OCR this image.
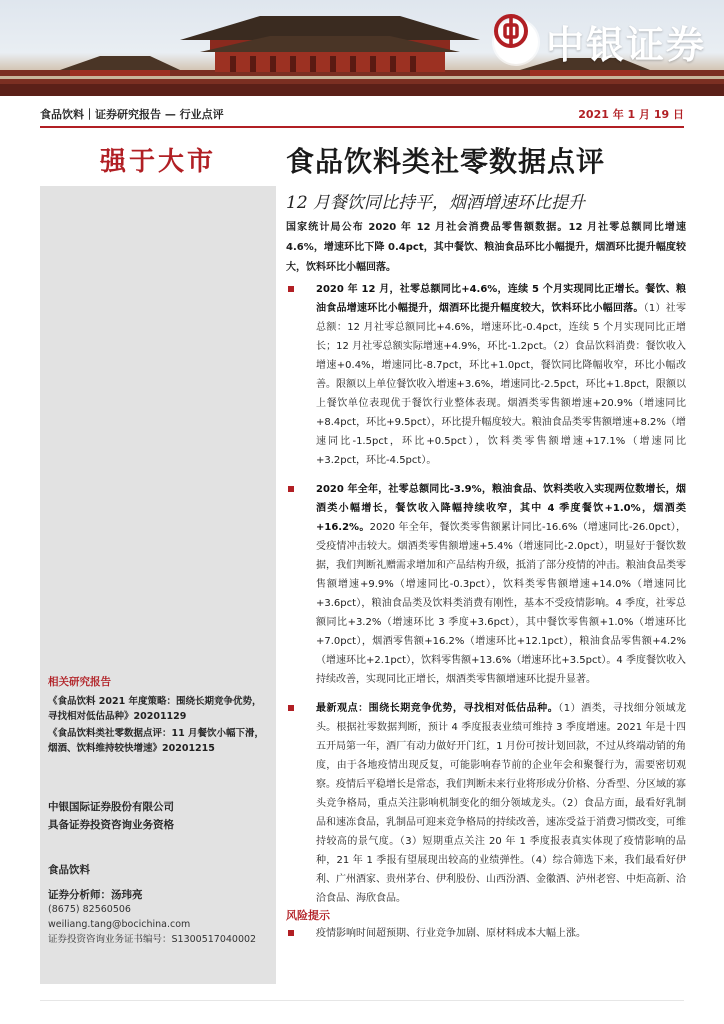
中银证券
食品饮料｜证券研究报告 — 行业点评	2021 年 1 月 19 日
强于大市
相关研究报告
《食品饮料 2021 年度策略：围绕长期竞争优势，寻找相对低估品种》20201129
《食品饮料类社零数据点评：11 月餐饮小幅下滑，烟酒、饮料维持较快增速》20201215
中银国际证券股份有限公司
具备证券投资咨询业务资格
食品饮料
证券分析师：汤玮亮
(8675) 82560506
weiliang.tang@bocichina.com
证券投资咨询业务证书编号：S1300517040002
食品饮料类社零数据点评
12 月餐饮同比持平，烟酒增速环比提升
国家统计局公布 2020 年 12 月社会消费品零售额数据。12 月社零总额同比增速 4.6%，增速环比下降 0.4pct，其中餐饮、粮油食品环比小幅提升，烟酒环比提升幅度较大，饮料环比小幅回落。
2020 年 12 月，社零总额同比+4.6%，连续 5 个月实现同比正增长。餐饮、粮油食品增速环比小幅提升，烟酒环比提升幅度较大，饮料环比小幅回落。（1）社零总额：12 月社零总额同比+4.6%，增速环比-0.4pct，连续 5 个月实现同比正增长；12 月社零总额实际增速+4.9%，环比-1.2pct。（2）食品饮料消费：餐饮收入增速+0.4%，增速同比-8.7pct，环比+1.0pct，餐饮同比降幅收窄，环比小幅改善。限额以上单位餐饮收入增速+3.6%，增速同比-2.5pct，环比+1.8pct，限额以上餐饮单位表现优于餐饮行业整体表现。烟酒类零售额增速+20.9%（增速同比+8.4pct，环比+9.5pct），环比提升幅度较大。粮油食品类零售额增速+8.2%（增速同比-1.5pct，环比+0.5pct），饮料类零售额增速+17.1%（增速同比+3.2pct，环比-4.5pct）。
2020 年全年，社零总额同比-3.9%，粮油食品、饮料类收入实现两位数增长，烟酒类小幅增长，餐饮收入降幅持续收窄，其中 4 季度餐饮+1.0%，烟酒类+16.2%。2020 年全年，餐饮类零售额累计同比-16.6%（增速同比-26.0pct），受疫情冲击较大。烟酒类零售额增速+5.4%（增速同比-2.0pct），明显好于餐饮数据，我们判断礼赠需求增加和产品结构升级，抵消了部分疫情的冲击。粮油食品类零售额增速+9.9%（增速同比-0.3pct），饮料类零售额增速+14.0%（增速同比+3.6pct），粮油食品类及饮料类消费有刚性，基本不受疫情影响。4 季度，社零总额同比+3.2%（增速环比 3 季度+3.6pct），其中餐饮零售额+1.0%（增速环比+7.0pct），烟酒零售额+16.2%（增速环比+12.1pct），粮油食品零售额+4.2%（增速环比+2.1pct），饮料零售额+13.6%（增速环比+3.5pct）。4 季度餐饮收入持续改善，实现同比正增长，烟酒类零售额增速环比提升显著。
最新观点：围绕长期竞争优势，寻找相对低估品种。（1）酒类，寻找细分领域龙头。根据社零数据判断，预计 4 季度报表业绩可维持 3 季度增速。2021 年是十四五开局第一年，酒厂有动力做好开门红，1 月份可按计划回款，不过从终端动销的角度，由于各地疫情出现反复，可能影响春节前的企业年会和聚餐行为，需要密切观察。疫情后平稳增长是常态，我们判断未来行业将形成分价格、分香型、分区域的寡头竞争格局，重点关注影响机制变化的细分领域龙头。（2）食品方面，最看好乳制品和速冻食品，乳制品可迎来竞争格局的持续改善，速冻受益于消费习惯改变，可维持较高的景气度。（3）短期重点关注 20 年 1 季度报表真实体现了疫情影响的品种，21 年 1 季报有望展现出较高的业绩弹性。（4）综合筛选下来，我们最看好伊利、广州酒家、贵州茅台、伊利股份、山西汾酒、金徽酒、泸州老窖、中炬高新、洽洽食品、海欣食品。
风险提示
疫情影响时间超预期、行业竞争加剧、原材料成本大幅上涨。
